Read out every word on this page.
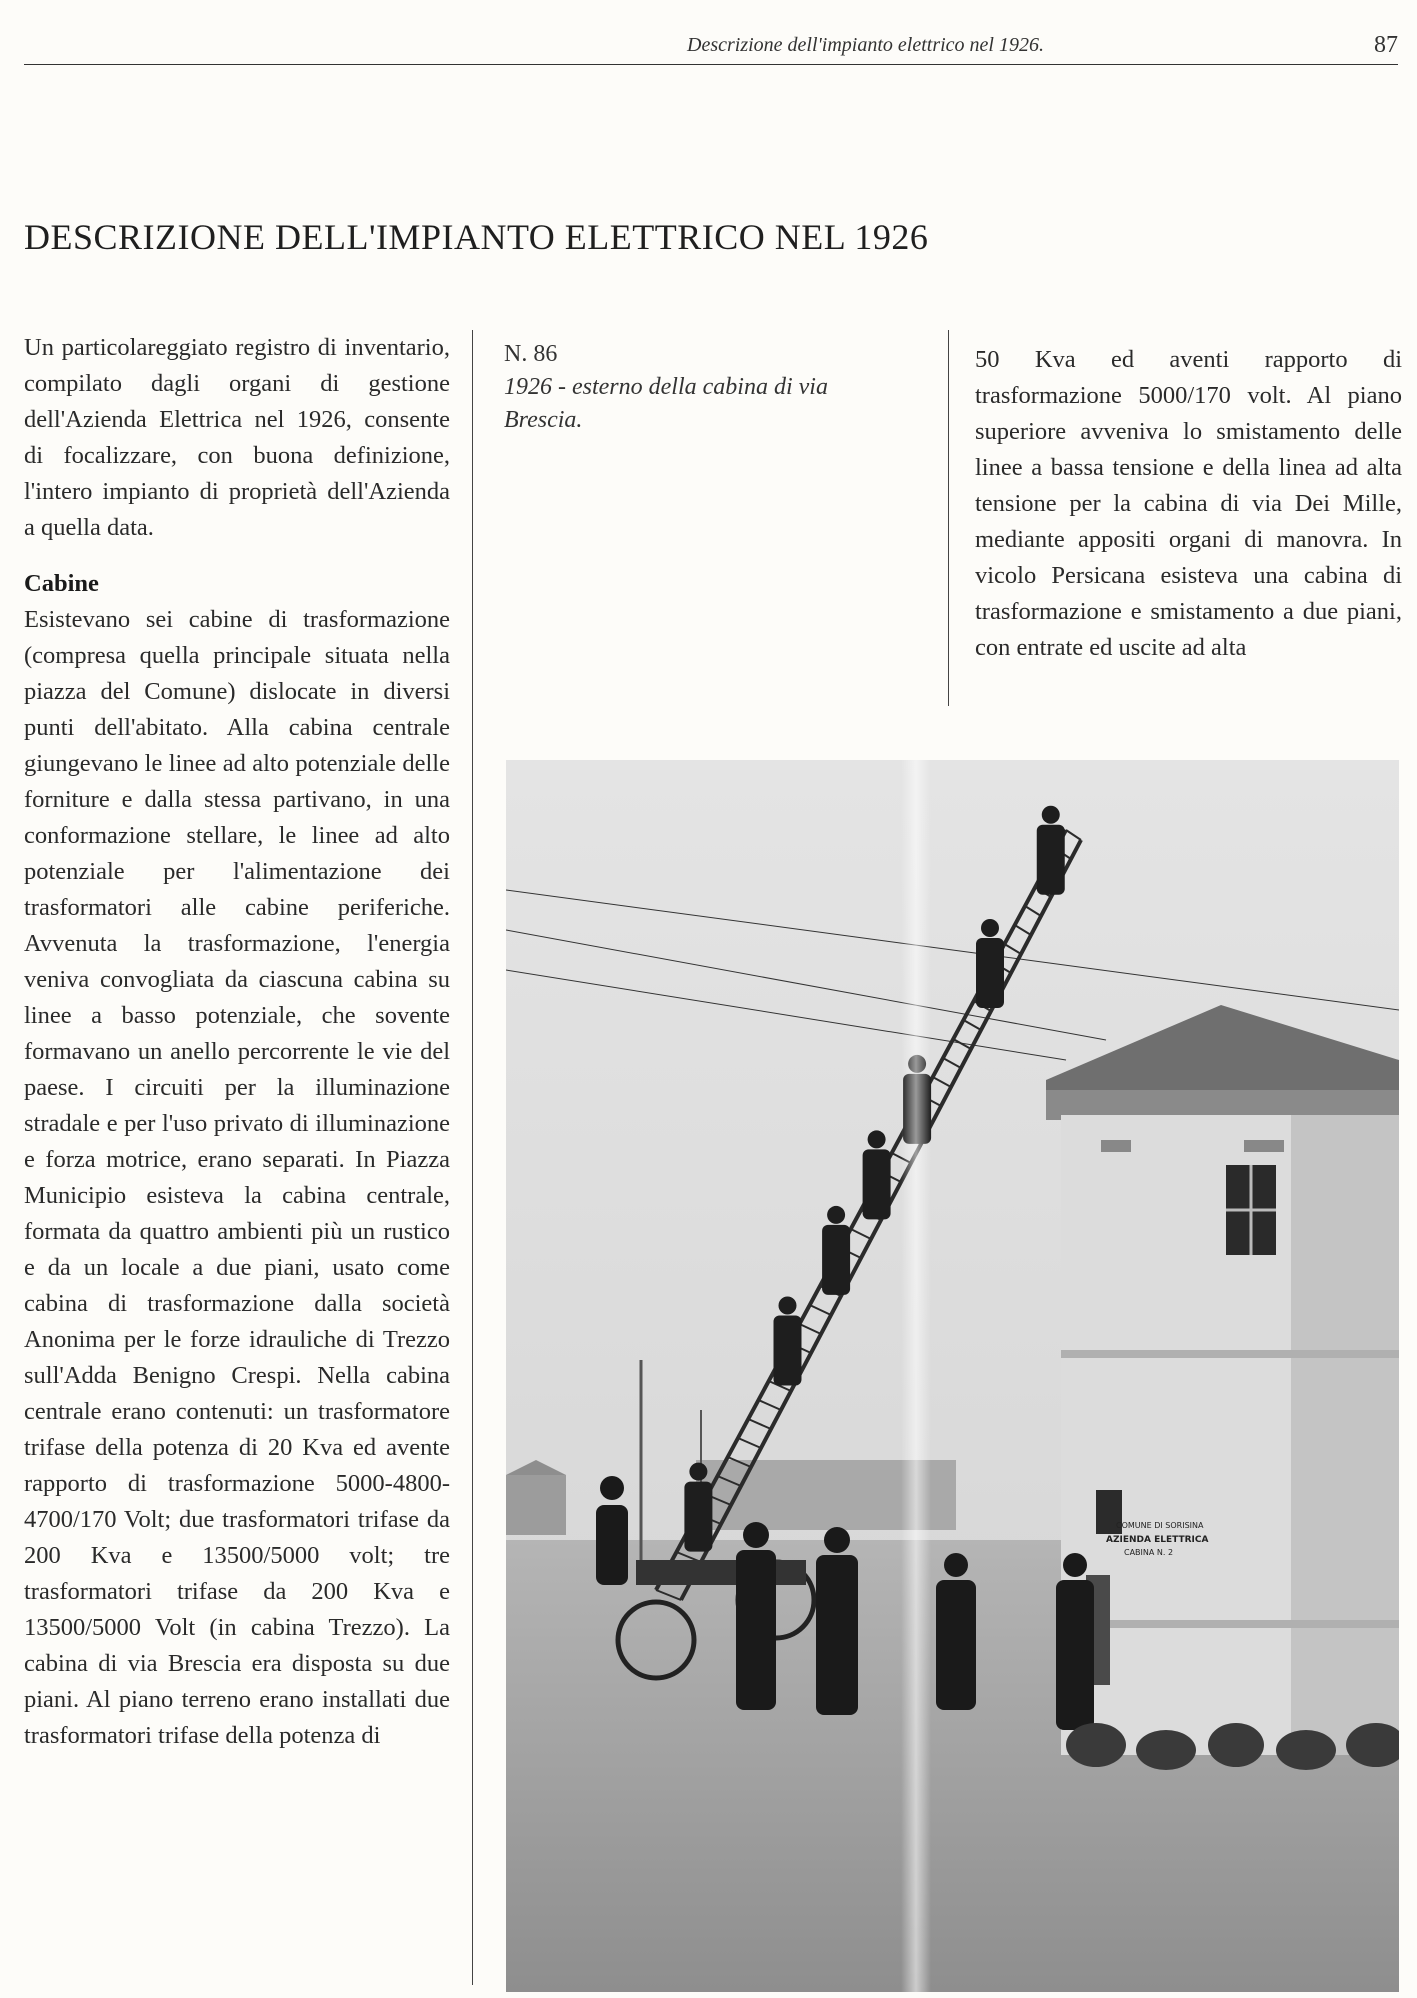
Descrizione dell'impianto elettrico nel 1926.	87
DESCRIZIONE DELL'IMPIANTO ELETTRICO NEL 1926

Un particolareggiato registro di inventario, compilato dagli organi di gestione dell'Azienda Elettrica nel 1926, consente di focalizzare, con buona definizione, l'intero impianto di proprietà dell'Azienda a quella data.

Cabine

Esistevano sei cabine di trasformazione (compresa quella principale situata nella piazza del Comune) dislocate in diversi punti dell'abitato. Alla cabina centrale giungevano le linee ad alto potenziale delle forniture e dalla stessa partivano, in una conformazione stellare, le linee ad alto potenziale per l'alimentazione dei trasformatori alle cabine periferiche. Avvenuta la trasformazione, l'energia veniva convogliata da ciascuna cabina su linee a basso potenziale, che sovente formavano un anello percorrente le vie del paese. I circuiti per la illuminazione stradale e per l'uso privato di illuminazione e forza motrice, erano separati. In Piazza Municipio esisteva la cabina centrale, formata da quattro ambienti più un rustico e da un locale a due piani, usato come cabina di trasformazione dalla società Anonima per le forze idrauliche di Trezzo sull'Adda Benigno Crespi. Nella cabina centrale erano contenuti: un trasformatore trifase della potenza di 20 Kva ed avente rapporto di trasformazione 5000-4800-4700/170 Volt; due trasformatori trifase da 200 Kva e 13500/5000 volt; tre trasformatori trifase da 200 Kva e 13500/5000 Volt (in cabina Trezzo). La cabina di via Brescia era disposta su due piani. Al piano terreno erano installati due trasformatori trifase della potenza di

N. 86
1926 - esterno della cabina di via Brescia.

50 Kva ed aventi rapporto di trasformazione 5000/170 volt. Al piano superiore avveniva lo smistamento delle linee a bassa tensione e della linea ad alta tensione per la cabina di via Dei Mille, mediante appositi organi di manovra. In vicolo Persicana esisteva una cabina di trasformazione e smistamento a due piani, con entrate ed uscite ad alta

COMUNE DI SORISINA
AZIENDA ELETTRICA
CABINA N. 2
